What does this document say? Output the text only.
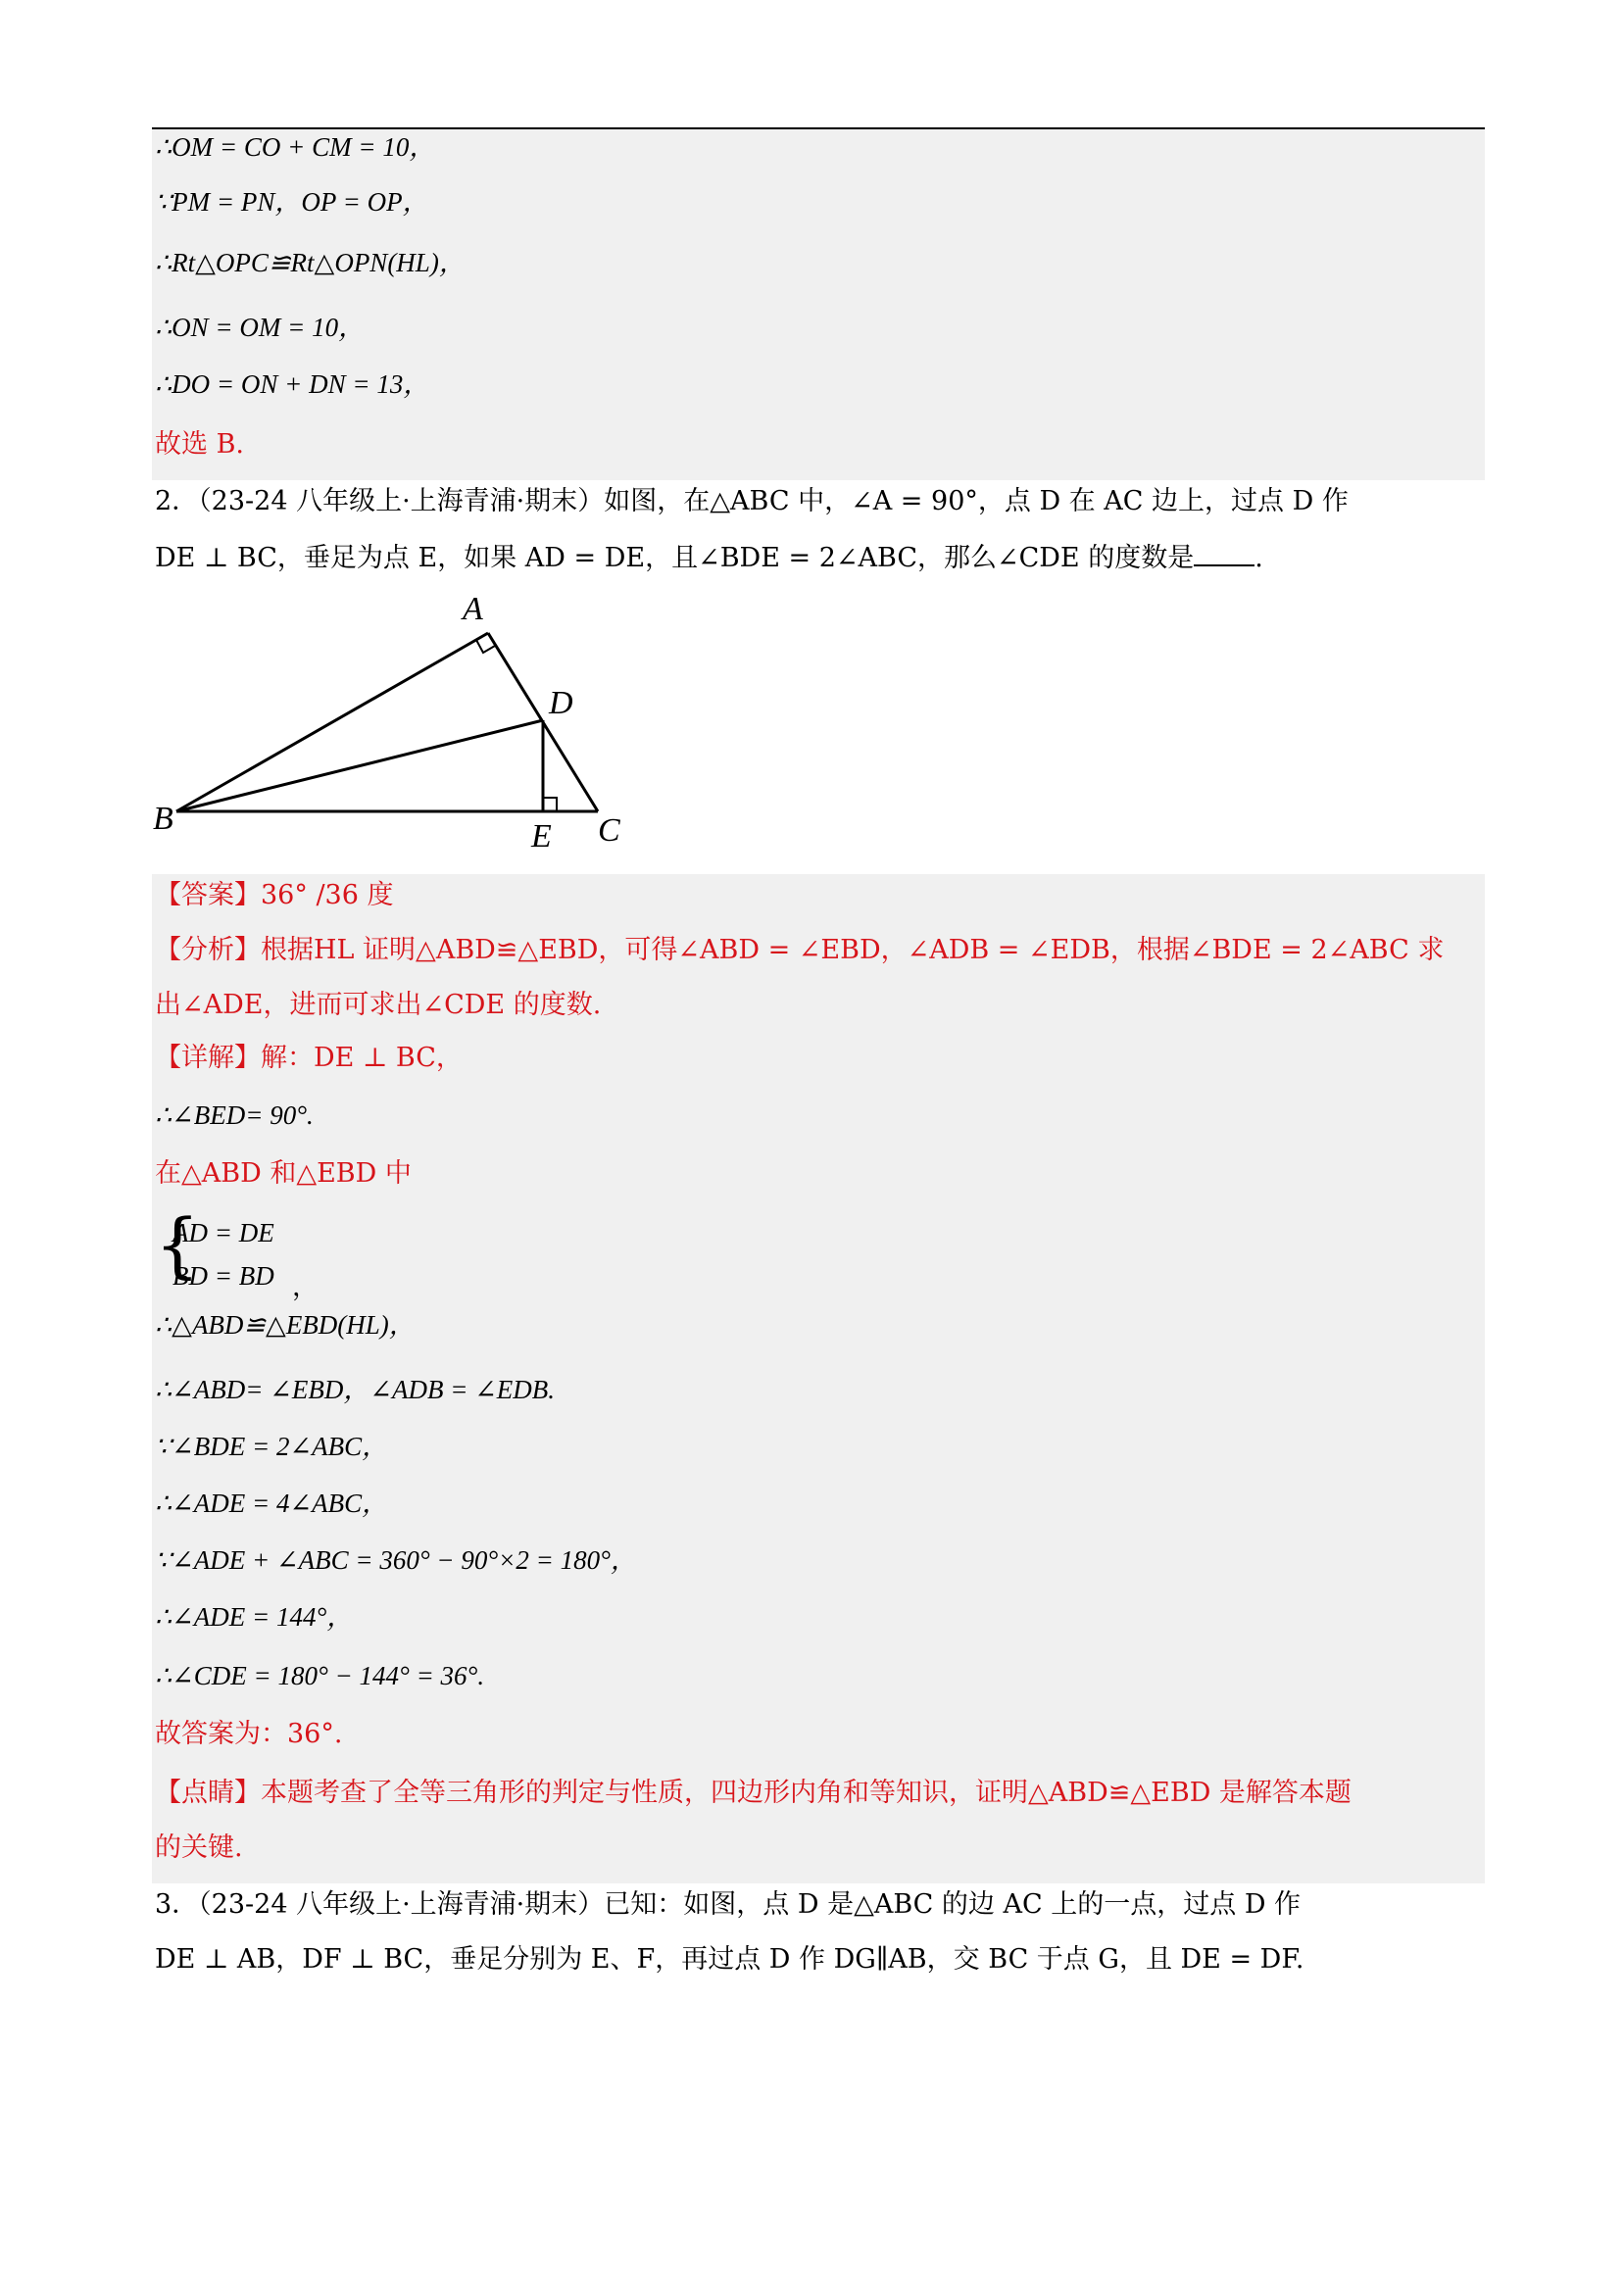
∴OM = CO + CM = 10，
∵PM = PN，OP = OP，
∴Rt△OPC≌Rt△OPN(HL)，
∴ON = OM = 10，
∴DO = ON + DN = 13，
故选 B.
2．（23-24 八年级上·上海青浦·期末）如图，在△ABC 中，∠A = 90°，点 D 在 AC 边上，过点 D 作
DE ⊥ BC，垂足为点 E，如果 AD = DE，且∠BDE = 2∠ABC，那么∠CDE 的度数是 .
A
B	C
D
E
【答案】36° /36 度
【分析】根据HL 证明△ABD≌△EBD，可得∠ABD = ∠EBD，∠ADB = ∠EDB，根据∠BDE = 2∠ABC 求
出∠ADE，进而可求出∠CDE 的度数.
【详解】解：DE ⊥ BC，
∴∠BED= 90°.
在△ABD 和△EBD 中
{
AD = DE
BD = BD ，
∴△ABD≌△EBD(HL)，
∴∠ABD= ∠EBD，∠ADB = ∠EDB.
∵∠BDE = 2∠ABC，
∴∠ADE = 4∠ABC，
∵∠ADE + ∠ABC = 360° − 90°×2 = 180°，
∴∠ADE = 144°，
∴∠CDE = 180° − 144° = 36°.
故答案为：36°.
【点睛】本题考查了全等三角形的判定与性质，四边形内角和等知识，证明△ABD≌△EBD 是解答本题
的关键.
3．（23-24 八年级上·上海青浦·期末）已知：如图，点 D 是△ABC 的边 AC 上的一点，过点 D 作
DE ⊥ AB，DF ⊥ BC，垂足分别为 E、F，再过点 D 作 DG∥AB，交 BC 于点 G，且 DE = DF.
